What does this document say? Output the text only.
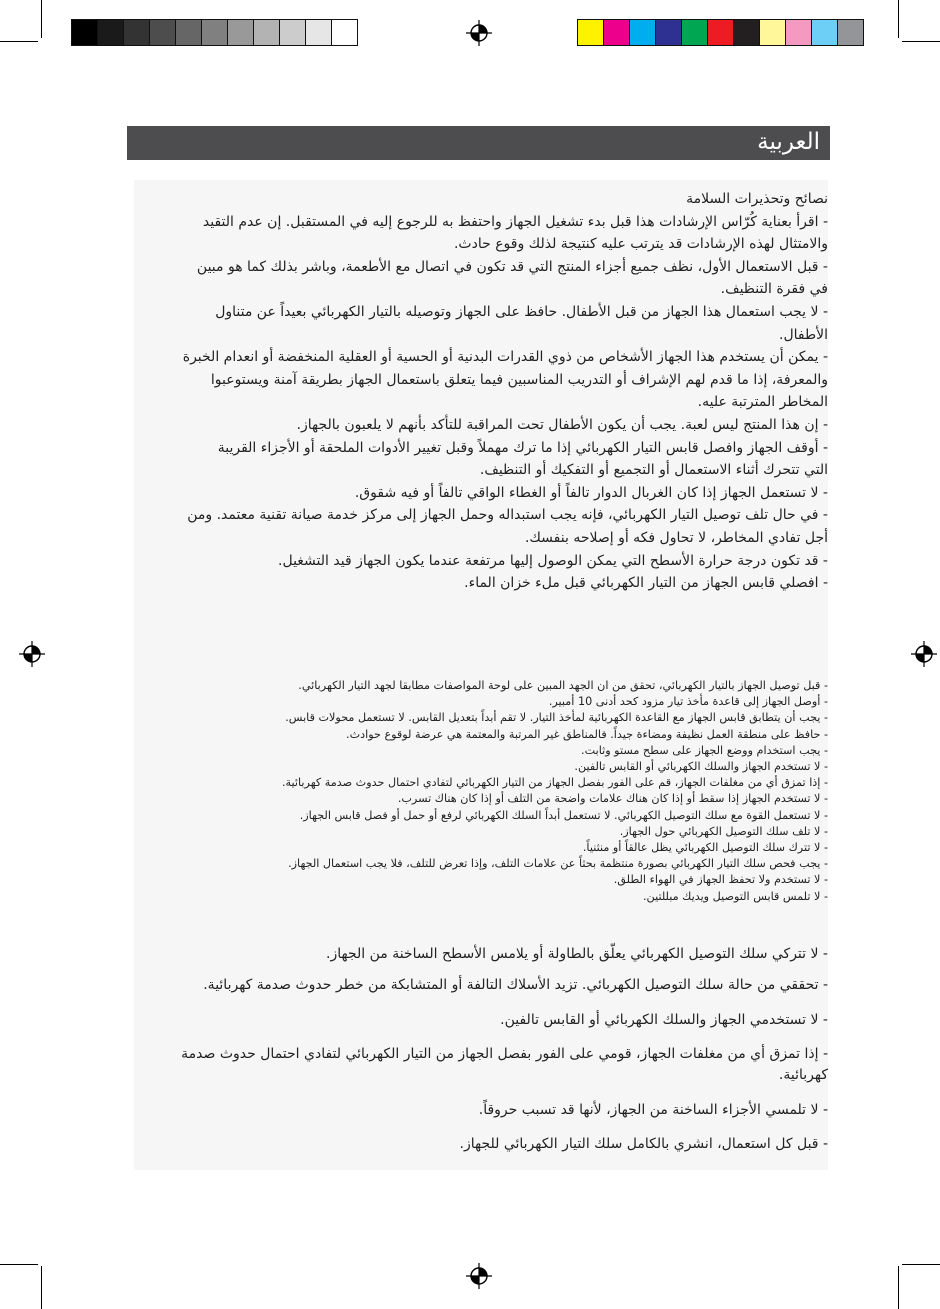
العربية

نصائح وتحذيرات السلامة

- اقرأ بعناية كُرّاس الإرشادات هذا قبل بدء تشغيل الجهاز واحتفظ به للرجوع إليه في المستقبل. إن عدم التقيد

والامتثال لهذه الإرشادات قد يترتب عليه كنتيجة لذلك وقوع حادث.

- قبل الاستعمال الأول، نظف جميع أجزاء المنتج التي قد تكون في اتصال مع الأطعمة، وباشر بذلك كما هو مبين

في فقرة التنظيف.

- لا يجب استعمال هذا الجهاز من قبل الأطفال. حافظ على الجهاز وتوصيله بالتيار الكهربائي بعيداً عن متناول

الأطفال.

- يمكن أن يستخدم هذا الجهاز الأشخاص من ذوي القدرات البدنية أو الحسية أو العقلية المنخفضة أو انعدام الخبرة

والمعرفة، إذا ما قدم لهم الإشراف أو التدريب المناسبين فيما يتعلق باستعمال الجهاز بطريقة آمنة ويستوعبوا

المخاطر المترتبة عليه.

- إن هذا المنتج ليس لعبة. يجب أن يكون الأطفال تحت المراقبة للتأكد بأنهم لا يلعبون بالجهاز.

- أوقف الجهاز وافصل قابس التيار الكهربائي إذا ما ترك مهملاً وقبل تغيير الأدوات الملحقة أو الأجزاء القريبة

التي تتحرك أثناء الاستعمال أو التجميع أو التفكيك أو التنظيف.

- لا تستعمل الجهاز إذا كان الغربال الدوار تالفاً أو الغطاء الواقي تالفاً أو فيه شقوق.

- في حال تلف توصيل التيار الكهربائي، فإنه يجب استبداله وحمل الجهاز إلى مركز خدمة صيانة تقنية معتمد. ومن

أجل تفادي المخاطر، لا تحاول فكه أو إصلاحه بنفسك.

- قد تكون درجة حرارة الأسطح التي يمكن الوصول إليها مرتفعة عندما يكون الجهاز قيد التشغيل.

- افصلي قابس الجهاز من التيار الكهربائي قبل ملء خزان الماء.

- قبل توصيل الجهاز بالتيار الكهربائي، تحقق من ان الجهد المبين على لوحة المواصفات مطابقا لجهد التيار الكهربائي.

- أوصل الجهاز إلى قاعدة مأخذ تيار مزود كحد أدنى 10 أمبير.

- يجب أن يتطابق قابس الجهاز مع القاعدة الكهربائية لمأخذ التيار. لا تقم أبداً بتعديل القابس. لا تستعمل محولات قابس.

- حافظ على منطقة العمل نظيفة ومضاءة جيداً. فالمناطق غير المرتبة والمعتمة هي عرضة لوقوع حوادث.

- يجب استخدام ووضع الجهاز على سطح مستو وثابت.

- لا تستخدم الجهاز والسلك الكهربائي أو القابس تالفين.

- إذا تمزق أي من مغلفات الجهاز، قم على الفور بفصل الجهاز من التيار الكهربائي لتفادي احتمال حدوث صدمة كهربائية.

- لا تستخدم الجهاز إذا سقط أو إذا كان هناك علامات واضحة من التلف أو إذا كان هناك تسرب.

- لا تستعمل القوة مع سلك التوصيل الكهربائي. لا تستعمل أبداً السلك الكهربائي لرفع أو حمل أو فصل قابس الجهاز.

- لا تلف سلك التوصيل الكهربائي حول الجهاز.

- لا تترك سلك التوصيل الكهربائي يظل عالقاً أو منثنياً.

- يجب فحص سلك التيار الكهربائي بصورة منتظمة بحثاً عن علامات التلف، وإذا تعرض للتلف، فلا يجب استعمال الجهاز.

- لا تستخدم ولا تحفظ الجهاز في الهواء الطلق.

- لا تلمس قابس التوصيل ويديك مبللتين.

- لا تتركي سلك التوصيل الكهربائي يعلّق بالطاولة أو يلامس الأسطح الساخنة من الجهاز.

- تحققي من حالة سلك التوصيل الكهربائي. تزيد الأسلاك التالفة أو المتشابكة من خطر حدوث صدمة كهربائية.

- لا تستخدمي الجهاز والسلك الكهربائي أو القابس تالفين.

- إذا تمزق أي من مغلفات الجهاز، قومي على الفور بفصل الجهاز من التيار الكهربائي لتفادي احتمال حدوث صدمة كهربائية.

- لا تلمسي الأجزاء الساخنة من الجهاز، لأنها قد تسبب حروقاً.

- قبل كل استعمال، انشري بالكامل سلك التيار الكهربائي للجهاز.
